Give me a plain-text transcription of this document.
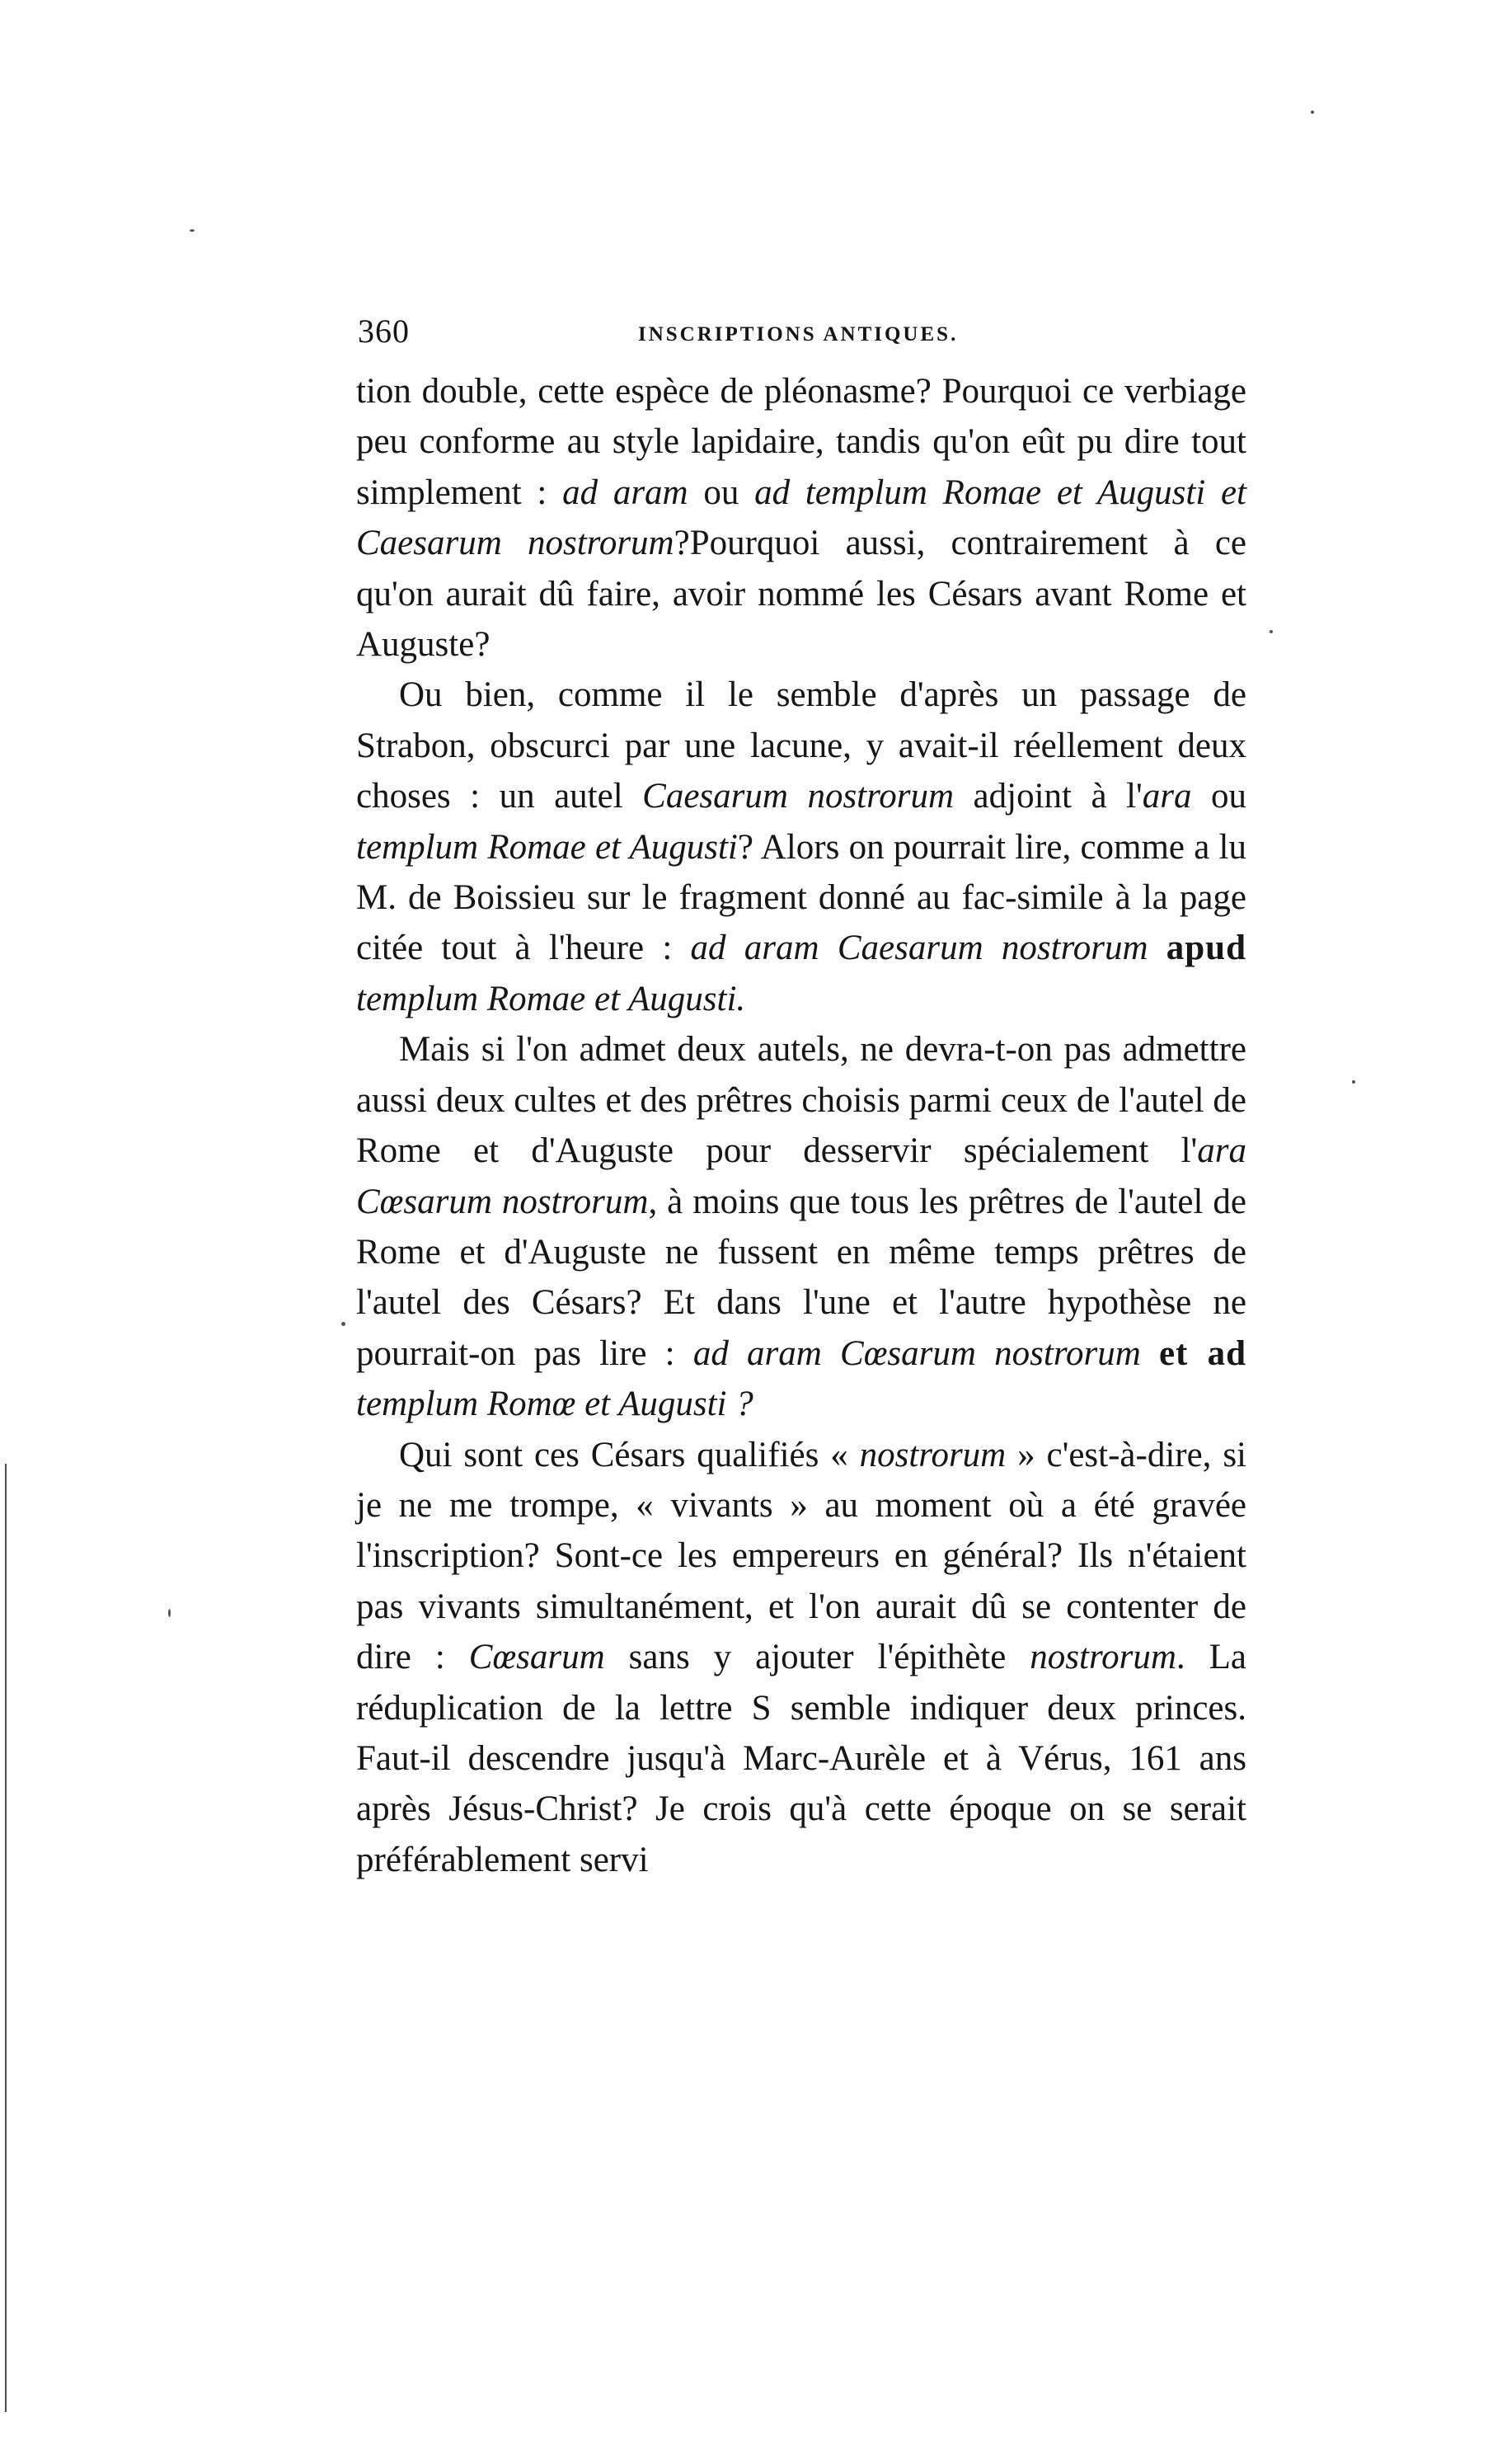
360	INSCRIPTIONS ANTIQUES.

tion double, cette espèce de pléonasme? Pourquoi ce verbiage peu conforme au style lapidaire, tandis qu'on eût pu dire tout simplement : ad aram ou ad templum Romae et Augusti et Caesarum nostrorum?Pourquoi aussi, contrairement à ce qu'on aurait dû faire, avoir nommé les Césars avant Rome et Auguste?

Ou bien, comme il le semble d'après un passage de Strabon, obscurci par une lacune, y avait-il réellement deux choses : un autel Caesarum nostrorum adjoint à l'ara ou templum Romae et Augusti? Alors on pourrait lire, comme a lu M. de Boissieu sur le fragment donné au fac-simile à la page citée tout à l'heure : ad aram Caesarum nostrorum apud templum Romae et Augusti.

Mais si l'on admet deux autels, ne devra-t-on pas admettre aussi deux cultes et des prêtres choisis parmi ceux de l'autel de Rome et d'Auguste pour desservir spécialement l'ara Cœsarum nostrorum, à moins que tous les prêtres de l'autel de Rome et d'Auguste ne fussent en même temps prêtres de l'autel des Césars? Et dans l'une et l'autre hypothèse ne pourrait-on pas lire : ad aram Cœsarum nostrorum et ad templum Romœ et Augusti ?

Qui sont ces Césars qualifiés « nostrorum » c'est-à-dire, si je ne me trompe, « vivants » au moment où a été gravée l'inscription? Sont-ce les empereurs en général? Ils n'étaient pas vivants simultanément, et l'on aurait dû se contenter de dire : Cœsarum sans y ajouter l'épithète nostrorum. La réduplication de la lettre S semble indiquer deux princes. Faut-il descendre jusqu'à Marc-Aurèle et à Vérus, 161 ans après Jésus-Christ? Je crois qu'à cette époque on se serait préférablement servi
